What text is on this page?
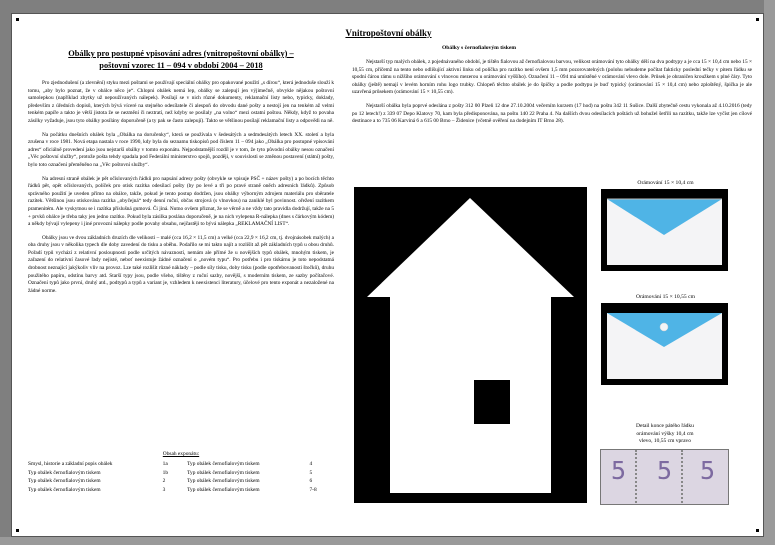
Vnitropoštovní obálky
Obálky pro postupné vpisování adres (vnitropoštovní obálky) –
poštovní vzorec 11 – 094 v období 2004 – 2018

Pro zjednodušení (a zlevnění) styku mezi poštami se používají speciální obálky pro opakované použití „s dírou“, která jednoduše slouží k tomu, „aby bylo poznat, že v obálce něco je“. Chlopni obálek nemá lep, obálky se zalepují jen výjimečně, obvykle nějakou poštovní samolepkou (například zbytky už nepoužívaných nálepek). Posílají se v nich různé dokumenty, reklamační listy nebo, typicky, doklady, především z úředních dopisů, kterých bývá víceré na stejného odesílatele či alespoň do obvodu dané pošty a nestojí jen na tenkém až velmi tenkém papíře a takto je větší jistota že se nezmění či neztratí, než kdyby se posílaly „na volno“ mezi ostatní poštou. Někdy, když to povaha zásilky vyžaduje, jsou tyto obálky posílány doporučeně (a ty pak se často zalepují). Takto se většinou posílají reklamační listy a odpovědi na ně.

Na počátku dnešních obálek byla „Obálka na doručenky“, která se používala v šedesátých a sedmdesátých letech XX. století a byla zrušena v roce 1981. Nová etapa nastala v roce 1990, kdy byla do seznamu tiskopisů pod číslem 11 – 094 jako „Obálka pro postupné vpisování adres“ oficiálně provedení jako jsou nejstarší obálky v tomto exponátu. Nejpodstatnější rozdíl je v tom, že tyto původní obálky nesou označení „Věc poštovní služby“, protože pošta tehdy spadala pod Federální ministerstvo spojů, později, v souvislosti se změnou postavení (státní) pošty, bylo toto označení přeměněno na „Věc poštovní služby“.

Na adresní straně obálek je pět očíslovaných řádků pro napsání adresy pošty (obvykle se vpisuje PSČ + název pošty) a po bocích těchto řádků pět, opět očíslovaných, políček pro otisk razítka odesílací pošty (by po levé a tři po pravé straně oněch adresních řádků). Způsob správného použití je uveden přímo na obálce, takže, pokud je tento postup dodržen, jsou obálky výborným zdrojem materiálu pro sběratele razítek. Většinou jsou otiskována razítka „obyčejná“ tedy denní ruční, občas strojová (s vlnovkou) na zaniklé byl povinnost. ořežení razítkem pramenitém. Ale vyskytnou se i razítka příslušná gumová. Či jiná. Nutno ovšem přiznat, že se věrně a ne vždy tato pravidla dodržují, takže na 5 + prvků obálce je třeba taky jen jedno razítko. Pokud byla zásilka poslána doporučeně, je na nich vylepena R-nálepka (dnes s čárkovým kódem) a někdy bývají vylepeny i jiné provozní nálepky podle povahy obsahu, nejčastěji to bývá nálepka „REKLAMAČNÍ LIST“.

Obálky jsou ve dvou základních druzích dle velikosti – malé (cca 16,2 × 11,5 cm) a velké (cca 22,9 × 16,2 cm, tj. dvojnásobek malých) a oba druhy jsou v několika typech dle doby zavedení do tisku a oběhu. Podařilo se mi takto najít a rozlišit až pět základních typů u obou druhů. Pořadí typů vychází z relativní posloupnosti podle určitých návazností, nemám ale přímé že u novějších typů obálek, mnohým tiskem, je zařazení do relativní časové řady nejisté, neboť neexistuje žádné označení o „novém typu“. Pro potřebu i pro tiskárnu je toto nepodstatná drobnost neznající jakýkoliv vliv na provoz. Lze také rozlišit různé náklady – podle síly tisku, doby tisku (podle opotřebovanosti štočků), druhu použitého papíru, odstínu barvy atd. Starší typy jsou, podle všeho, tištěny z ruční sazby, novější, s moderním tiskem, ze sazby počítačové. Označení typů jako první, druhý atd., podtypů a typů a variant je, vzhledem k neexistenci literatury, účelové pro tento exponát a nezaložené na žádné norme.

Obsah exponátu:
Smysl, historie a základní popis obálek	1a	Typ obálek černofialovým tiskem	4
Typ obálek černofialovým tiskem	1b	Typ obálek černofialovým tiskem	5
Typ obálek černofialovým tiskem	2	Typ obálek černofialovým tiskem	6
Typ obálek černofialovým tiskem	3	Typ obálek černofialovým tiskem	7-8
Obálky s černofialovým tiskem

Nejstarší typ malých obálek, z pojednávaného období, je tištěn fialovou až černofialovou barvou, velikost orámování tyto obálky dělí na dva podtypy a je cca 15 × 10,4 cm nebo 15 × 10,55 cm, přičemž na tento nebo odlišující aktivní linku od políčka pro razítko není ovšem 1,5 mm pozorovatelných (polohu nebudeme počítat fakticky poslední tečky v pitem řádku se spodní čárou rámu u nižšího orámování s vlnovou mezerou u orámování vyššího). Označení 11 – 094 má umístěné v orámování vlevo dole. Průsek je ohraničen kroužkem s plné čáry. Tyto obálky (ještě) nemají v levém horním rohu logo trubky. Chlopeň těchto obálek je do špičky a podle podtypu je buď typický (orámování 15 × 10,4 cm) nebo zploštěný, špička je ale uzavřená průsekem (orámování 15 × 10,55 cm).

Nejstarší obálka byla poprvé odeslána z pošty 312 00 Plzeň 12 dne 27.10.2004 večerním kurzem (17 hod) na poštu 342 11 Sušice. Další zbytečně cestu vykonala až 4.10.2016 (tedy po 12 letech!) z 339 07 Depo Klatovy 70, kam byla předisponována, na poštu 140 22 Praha 4. Na dalších dvou odesílacích poštách už bohužel šetřili na razítku, takže lze vyčíst jen cílové destinace a to 735 06 Karviná 6 a 615 00 Brno – Židenice (včetně ověření na dodejním IT Brno 28).

Orámování 15 × 10,4 cm
Orámování 15 × 10,55 cm
Detail konce pátého řádku
orámování výšky 10,4 cm
vlevo, 10,55 cm vpravo
5 5 5
